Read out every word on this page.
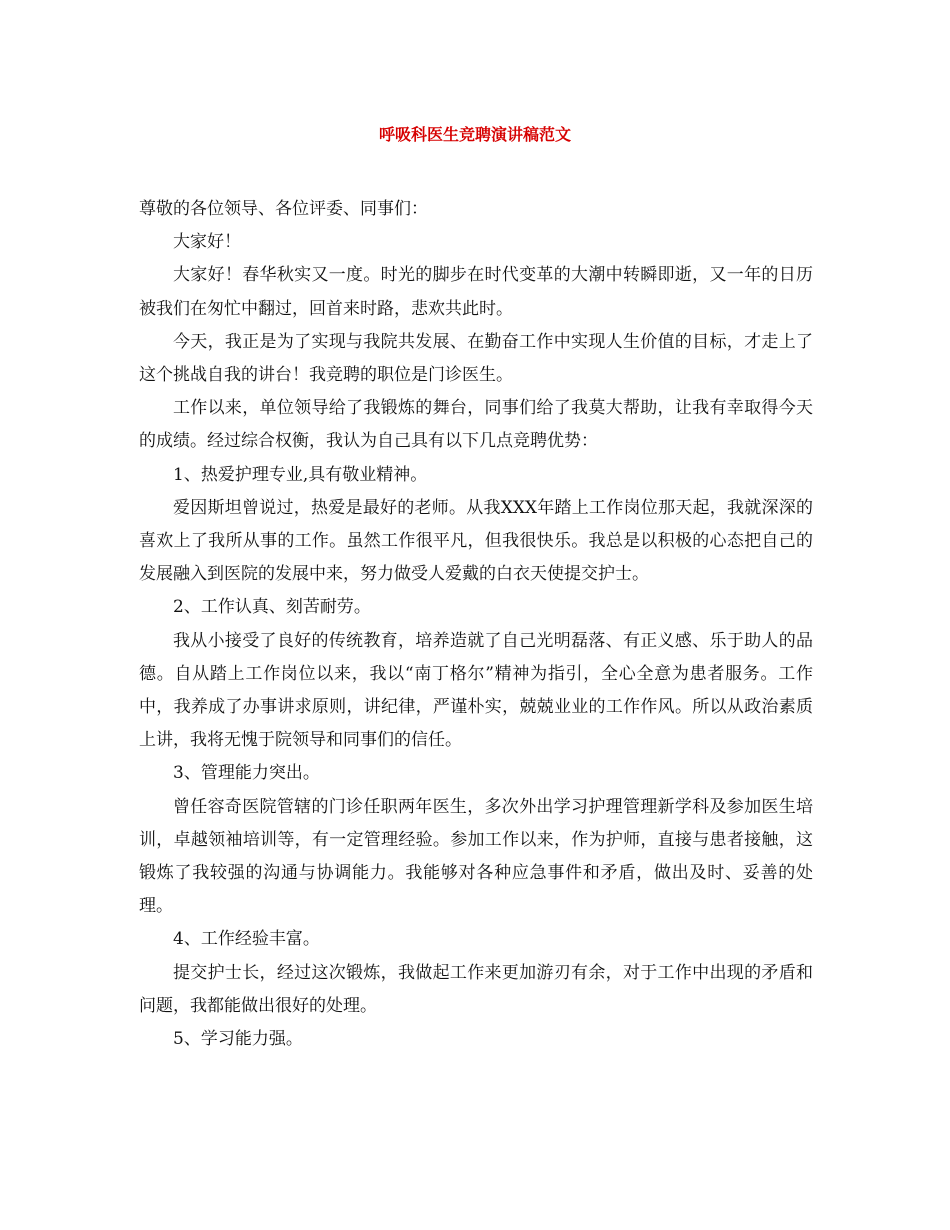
呼吸科医生竞聘演讲稿范文

尊敬的各位领导、各位评委、同事们：

大家好！

大家好！春华秋实又一度。时光的脚步在时代变革的大潮中转瞬即逝，又一年的日历被我们在匆忙中翻过，回首来时路，悲欢共此时。

今天，我正是为了实现与我院共发展、在勤奋工作中实现人生价值的目标，才走上了这个挑战自我的讲台！我竞聘的职位是门诊医生。

工作以来，单位领导给了我锻炼的舞台，同事们给了我莫大帮助，让我有幸取得今天的成绩。经过综合权衡，我认为自己具有以下几点竞聘优势：

1、热爱护理专业,具有敬业精神。

爱因斯坦曾说过，热爱是最好的老师。从我XXX年踏上工作岗位那天起，我就深深的喜欢上了我所从事的工作。虽然工作很平凡，但我很快乐。我总是以积极的心态把自己的发展融入到医院的发展中来，努力做受人爱戴的白衣天使提交护士。

2、工作认真、刻苦耐劳。

我从小接受了良好的传统教育，培养造就了自己光明磊落、有正义感、乐于助人的品德。自从踏上工作岗位以来，我以“南丁格尔”精神为指引，全心全意为患者服务。工作中，我养成了办事讲求原则，讲纪律，严谨朴实，兢兢业业的工作作风。所以从政治素质上讲，我将无愧于院领导和同事们的信任。

3、管理能力突出。

曾任容奇医院管辖的门诊任职两年医生，多次外出学习护理管理新学科及参加医生培训，卓越领袖培训等，有一定管理经验。参加工作以来，作为护师，直接与患者接触，这锻炼了我较强的沟通与协调能力。我能够对各种应急事件和矛盾，做出及时、妥善的处理。

4、工作经验丰富。

提交护士长，经过这次锻炼，我做起工作来更加游刃有余，对于工作中出现的矛盾和问题，我都能做出很好的处理。

5、学习能力强。
